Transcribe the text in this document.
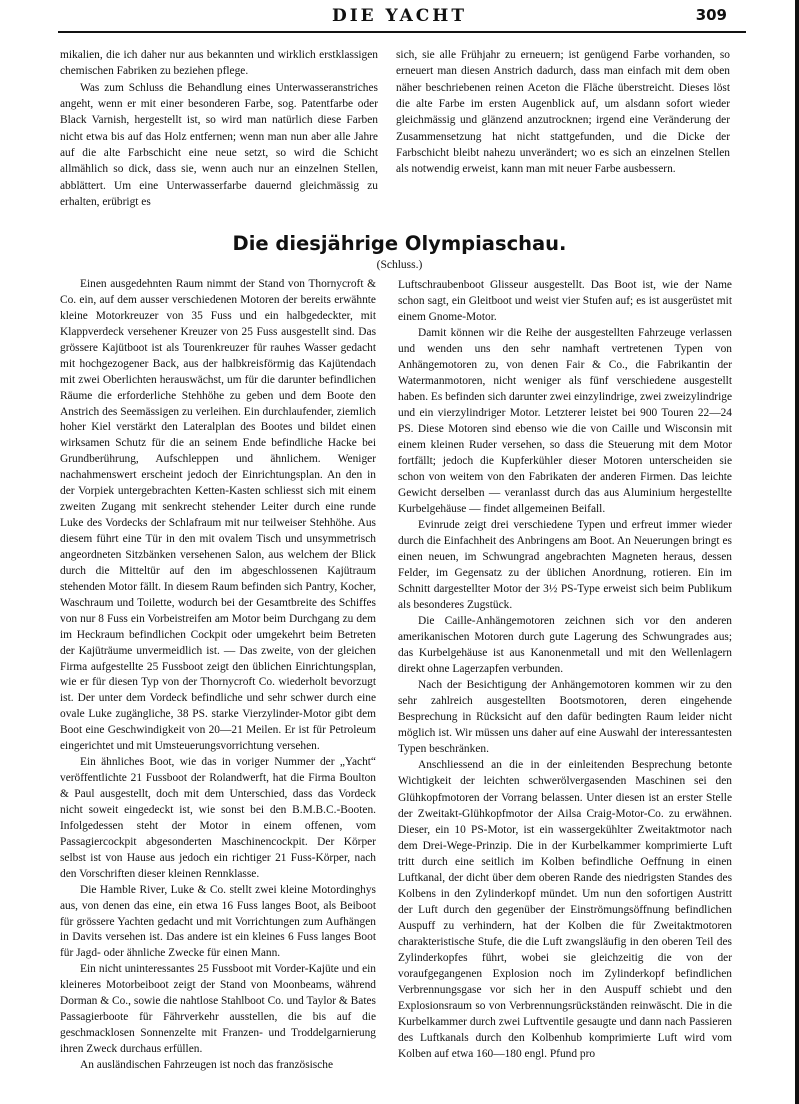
DIE YACHT	309

mikalien, die ich daher nur aus bekannten und wirklich erstklassigen chemischen Fabriken zu beziehen pflege.

Was zum Schluss die Behandlung eines Unterwasseranstriches angeht, wenn er mit einer besonderen Farbe, sog. Patentfarbe oder Black Varnish, hergestellt ist, so wird man natürlich diese Farben nicht etwa bis auf das Holz entfernen; wenn man nun aber alle Jahre auf die alte Farbschicht eine neue setzt, so wird die Schicht allmählich so dick, dass sie, wenn auch nur an einzelnen Stellen, abblättert. Um eine Unterwasserfarbe dauernd gleichmässig zu erhalten, erübrigt es

sich, sie alle Frühjahr zu erneuern; ist genügend Farbe vorhanden, so erneuert man diesen Anstrich dadurch, dass man einfach mit dem oben näher beschriebenen reinen Aceton die Fläche überstreicht. Dieses löst die alte Farbe im ersten Augenblick auf, um alsdann sofort wieder gleichmässig und glänzend anzutrocknen; irgend eine Veränderung der Zusammensetzung hat nicht stattgefunden, und die Dicke der Farbschicht bleibt nahezu unverändert; wo es sich an einzelnen Stellen als notwendig erweist, kann man mit neuer Farbe ausbessern.

Die diesjährige Olympiaschau.
(Schluss.)

Einen ausgedehnten Raum nimmt der Stand von Thornycroft & Co. ein, auf dem ausser verschiedenen Motoren der bereits erwähnte kleine Motorkreuzer von 35 Fuss und ein halbgedeckter, mit Klappverdeck versehener Kreuzer von 25 Fuss ausgestellt sind. Das grössere Kajütboot ist als Tourenkreuzer für rauhes Wasser gedacht mit hochgezogener Back, aus der halbkreisförmig das Kajütendach mit zwei Oberlichten herauswächst, um für die darunter befindlichen Räume die erforderliche Stehhöhe zu geben und dem Boote den Anstrich des Seemässigen zu verleihen. Ein durchlaufender, ziemlich hoher Kiel verstärkt den Lateralplan des Bootes und bildet einen wirksamen Schutz für die an seinem Ende befindliche Hacke bei Grundberührung, Aufschleppen und ähnlichem. Weniger nachahmenswert erscheint jedoch der Einrichtungsplan. An den in der Vorpiek untergebrachten Ketten-Kasten schliesst sich mit einem zweiten Zugang mit senkrecht stehender Leiter durch eine runde Luke des Vordecks der Schlafraum mit nur teilweiser Stehhöhe. Aus diesem führt eine Tür in den mit ovalem Tisch und unsymmetrisch angeordneten Sitzbänken versehenen Salon, aus welchem der Blick durch die Mitteltür auf den im abgeschlossenen Kajütraum stehenden Motor fällt. In diesem Raum befinden sich Pantry, Kocher, Waschraum und Toilette, wodurch bei der Gesamtbreite des Schiffes von nur 8 Fuss ein Vorbeistreifen am Motor beim Durchgang zu dem im Heckraum befindlichen Cockpit oder umgekehrt beim Betreten der Kajüträume unvermeidlich ist. — Das zweite, von der gleichen Firma aufgestellte 25 Fussboot zeigt den üblichen Einrichtungsplan, wie er für diesen Typ von der Thornycroft Co. wiederholt bevorzugt ist. Der unter dem Vordeck befindliche und sehr schwer durch eine ovale Luke zugängliche, 38 PS. starke Vierzylinder-Motor gibt dem Boot eine Geschwindigkeit von 20—21 Meilen. Er ist für Petroleum eingerichtet und mit Umsteuerungsvorrichtung versehen.

Ein ähnliches Boot, wie das in voriger Nummer der „Yacht“ veröffentlichte 21 Fussboot der Rolandwerft, hat die Firma Boulton & Paul ausgestellt, doch mit dem Unterschied, dass das Vordeck nicht soweit eingedeckt ist, wie sonst bei den B.M.B.C.-Booten. Infolgedessen steht der Motor in einem offenen, vom Passagiercockpit abgesonderten Maschinencockpit. Der Körper selbst ist von Hause aus jedoch ein richtiger 21 Fuss-Körper, nach den Vorschriften dieser kleinen Rennklasse.

Die Hamble River, Luke & Co. stellt zwei kleine Motordinghys aus, von denen das eine, ein etwa 16 Fuss langes Boot, als Beiboot für grössere Yachten gedacht und mit Vorrichtungen zum Aufhängen in Davits versehen ist. Das andere ist ein kleines 6 Fuss langes Boot für Jagd- oder ähnliche Zwecke für einen Mann.

Ein nicht uninteressantes 25 Fussboot mit Vorder-Kajüte und ein kleineres Motorbeiboot zeigt der Stand von Moonbeams, während Dorman & Co., sowie die nahtlose Stahlboot Co. und Taylor & Bates Passagierboote für Fährverkehr ausstellen, die bis auf die geschmacklosen Sonnenzelte mit Franzen- und Troddelgarnierung ihren Zweck durchaus erfüllen.

An ausländischen Fahrzeugen ist noch das französische

Luftschraubenboot Glisseur ausgestellt. Das Boot ist, wie der Name schon sagt, ein Gleitboot und weist vier Stufen auf; es ist ausgerüstet mit einem Gnome-Motor.

Damit können wir die Reihe der ausgestellten Fahrzeuge verlassen und wenden uns den sehr namhaft vertretenen Typen von Anhängemotoren zu, von denen Fair & Co., die Fabrikantin der Watermanmotoren, nicht weniger als fünf verschiedene ausgestellt haben. Es befinden sich darunter zwei einzylindrige, zwei zweizylindrige und ein vierzylindriger Motor. Letzterer leistet bei 900 Touren 22—24 PS. Diese Motoren sind ebenso wie die von Caille und Wisconsin mit einem kleinen Ruder versehen, so dass die Steuerung mit dem Motor fortfällt; jedoch die Kupferkühler dieser Motoren unterscheiden sie schon von weitem von den Fabrikaten der anderen Firmen. Das leichte Gewicht derselben — veranlasst durch das aus Aluminium hergestellte Kurbelgehäuse — findet allgemeinen Beifall.

Evinrude zeigt drei verschiedene Typen und erfreut immer wieder durch die Einfachheit des Anbringens am Boot. An Neuerungen bringt es einen neuen, im Schwungrad angebrachten Magneten heraus, dessen Felder, im Gegensatz zu der üblichen Anordnung, rotieren. Ein im Schnitt dargestellter Motor der 3½ PS-Type erweist sich beim Publikum als besonderes Zugstück.

Die Caille-Anhängemotoren zeichnen sich vor den anderen amerikanischen Motoren durch gute Lagerung des Schwungrades aus; das Kurbelgehäuse ist aus Kanonenmetall und mit den Wellenlagern direkt ohne Lagerzapfen verbunden.

Nach der Besichtigung der Anhängemotoren kommen wir zu den sehr zahlreich ausgestellten Bootsmotoren, deren eingehende Besprechung in Rücksicht auf den dafür bedingten Raum leider nicht möglich ist. Wir müssen uns daher auf eine Auswahl der interessantesten Typen beschränken.

Anschliessend an die in der einleitenden Besprechung betonte Wichtigkeit der leichten schwerölvergasenden Maschinen sei den Glühkopfmotoren der Vorrang belassen. Unter diesen ist an erster Stelle der Zweitakt-Glühkopfmotor der Ailsa Craig-Motor-Co. zu erwähnen. Dieser, ein 10 PS-Motor, ist ein wassergekühlter Zweitaktmotor nach dem Drei-Wege-Prinzip. Die in der Kurbelkammer komprimierte Luft tritt durch eine seitlich im Kolben befindliche Oeffnung in einen Luftkanal, der dicht über dem oberen Rande des niedrigsten Standes des Kolbens in den Zylinderkopf mündet. Um nun den sofortigen Austritt der Luft durch den gegenüber der Einströmungsöffnung befindlichen Auspuff zu verhindern, hat der Kolben die für Zweitaktmotoren charakteristische Stufe, die die Luft zwangsläufig in den oberen Teil des Zylinderkopfes führt, wobei sie gleichzeitig die von der voraufgegangenen Explosion noch im Zylinderkopf befindlichen Verbrennungsgase vor sich her in den Auspuff schiebt und den Explosionsraum so von Verbrennungsrückständen reinwäscht. Die in die Kurbelkammer durch zwei Luftventile gesaugte und dann nach Passieren des Luftkanals durch den Kolbenhub komprimierte Luft wird vom Kolben auf etwa 160—180 engl. Pfund pro
